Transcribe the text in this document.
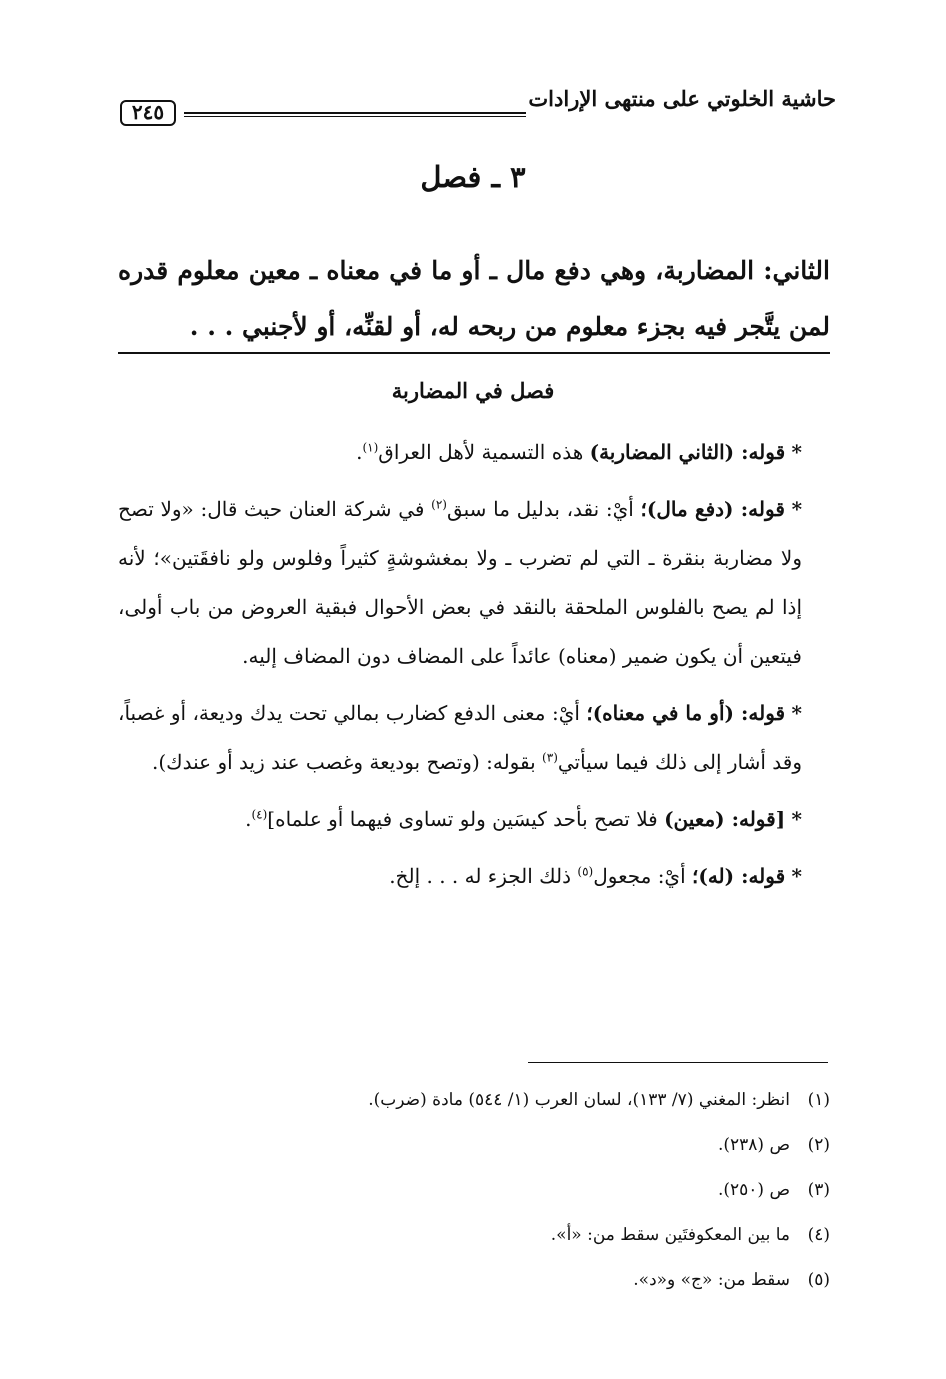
حاشية الخلوتي على منتهى الإرادات
٢٤٥
٣ ـ فصل
الثاني: المضاربة، وهي دفع مال ـ أو ما في معناه ـ معين معلوم قدره لمن يتَّجر فيه بجزء معلوم من ربحه له، أو لقنِّه، أو لأجنبي . . .
فصل في المضاربة

* قوله: (الثاني المضاربة) هذه التسمية لأهل العراق$^{(١)}$.

* قوله: (دفع مال)؛ أيْ: نقد، بدليل ما سبق$^{(٢)}$ في شركة العنان حيث قال: «ولا تصح ولا مضاربة بنقرة ـ التي لم تضرب ـ ولا بمغشوشةٍ كثيراً وفلوس ولو نافقَتين»؛ لأنه إذا لم يصح بالفلوس الملحقة بالنقد في بعض الأحوال فبقية العروض من باب أولى، فيتعين أن يكون ضمير (معناه) عائداً على المضاف دون المضاف إليه.

* قوله: (أو ما في معناه)؛ أيْ: معنى الدفع كضارب بمالي تحت يدك وديعة، أو غصباً، وقد أشار إلى ذلك فيما سيأتي$^{(٣)}$ بقوله: (وتصح بوديعة وغصب عند زيد أو عندك).

* [قوله: (معين) فلا تصح بأحد كيسَين ولو تساوى فيهما أو علماه]$^{(٤)}$.

* قوله: (له)؛ أيْ: مجعول$^{(٥)}$ ذلك الجزء له . . . إلخ.

(١)انظر: المغني (٧/ ١٣٣)، لسان العرب (١/ ٥٤٤) مادة (ضرب).
(٢)ص (٢٣٨).
(٣)ص (٢٥٠).
(٤)ما بين المعكوفتَين سقط من: «أ».
(٥)سقط من: «ج» و«د».
